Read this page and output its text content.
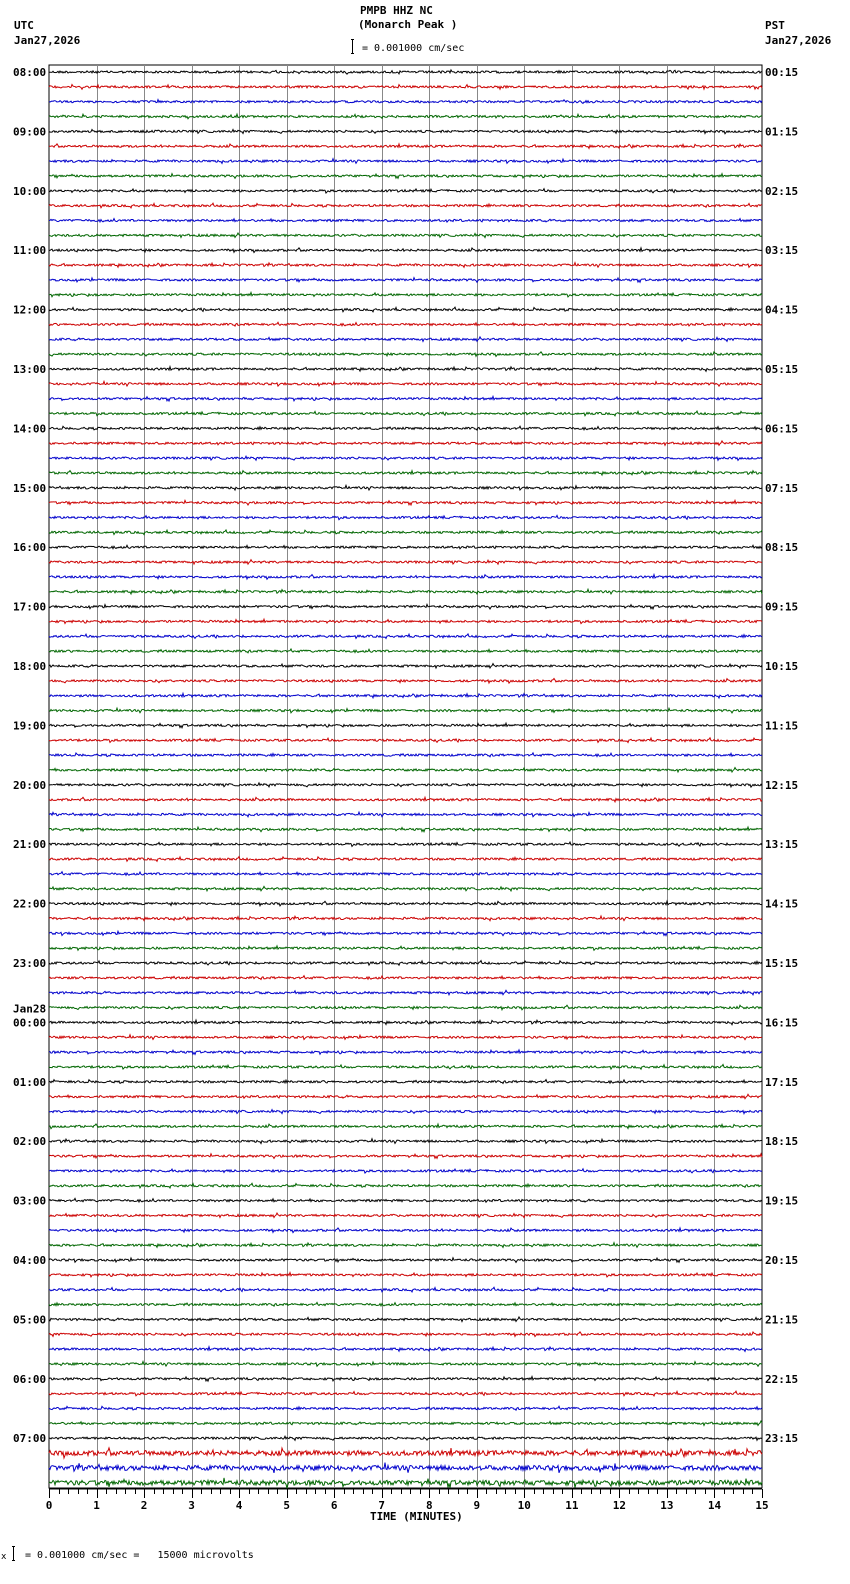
PMPB HHZ NC
(Monarch Peak )
UTC
Jan27,2026
PST
Jan27,2026
= 0.001000 cm/sec
0	1	2	3	4	5	6	7	8	9	10	11	12	13	14	15
08:00	00:15
09:00	01:15
10:00	02:15
11:00	03:15
12:00	04:15
13:00	05:15
14:00	06:15
15:00	07:15
16:00	08:15
17:00	09:15
18:00	10:15
19:00	11:15
20:00	12:15
21:00	13:15
22:00	14:15
23:00	15:15
00:00	16:15
Jan28
01:00	17:15
02:00	18:15
03:00	19:15
04:00	20:15
05:00	21:15
06:00	22:15
07:00	23:15
TIME (MINUTES)
x = 0.001000 cm/sec =   15000 microvolts
